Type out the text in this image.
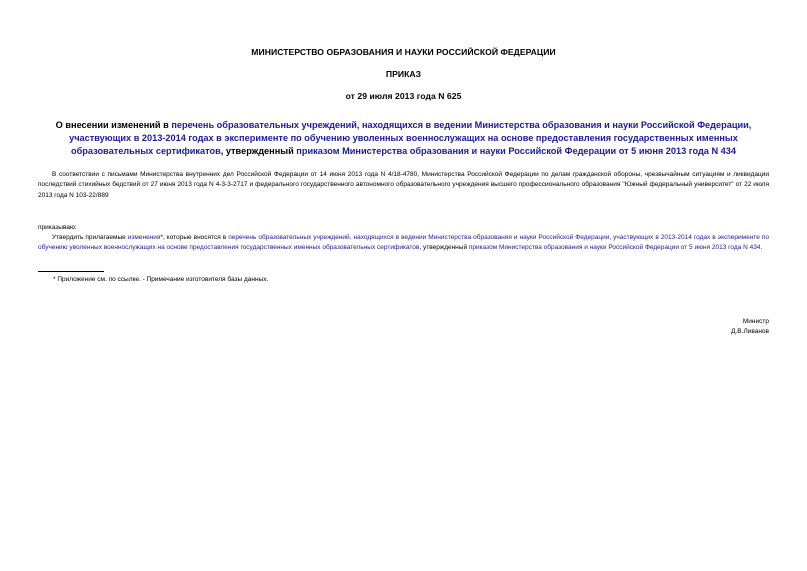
МИНИСТЕРСТВО ОБРАЗОВАНИЯ И НАУКИ РОССИЙСКОЙ ФЕДЕРАЦИИ
ПРИКАЗ
от 29 июля 2013 года N 625
О внесении изменений в перечень образовательных учреждений, находящихся в ведении Министерства образования и науки Российской Федерации, участвующих в 2013-2014 годах в эксперименте по обучению уволенных военнослужащих на основе предоставления государственных именных образовательных сертификатов, утвержденный приказом Министерства образования и науки Российской Федерации от 5 июня 2013 года N 434
В соответствии с письмами Министерства внутренних дел Российской Федерации от 14 июня 2013 года N 4/18-4780, Министерства Российской Федерации по делам гражданской обороны, чрезвычайным ситуациям и ликвидации последствий стихийных бедствий от 27 июня 2013 года N 4-3-3-2717 и федерального государственного автономного образовательного учреждения высшего профессионального образования "Южный федеральный университет" от 22 июля 2013 года N 103-22/889
приказываю:
Утвердить прилагаемые изменения*, которые вносятся в перечень образовательных учреждений, находящихся в ведении Министерства образования и науки Российской Федерации, участвующих в 2013-2014 годах в эксперименте по обучению уволенных военнослужащих на основе предоставления государственных именных образовательных сертификатов, утвержденный приказом Министерства образования и науки Российской Федерации от 5 июня 2013 года N 434.
* Приложение см. по ссылке. - Примечание изготовителя базы данных.
Министр
Д.В.Ливанов
